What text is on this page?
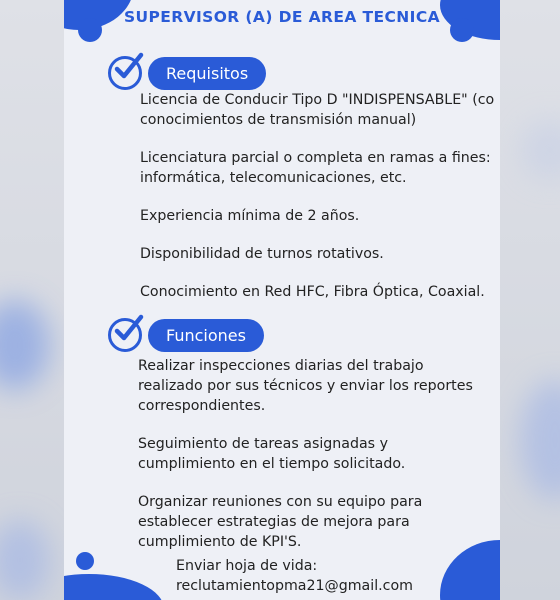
SUPERVISOR (A) DE AREA TECNICA
Requisitos

Licencia de Conducir Tipo D "INDISPENSABLE" (co

conocimientos de transmisión manual)

Licenciatura parcial o completa en ramas a fines:

informática, telecomunicaciones, etc.

Experiencia mínima de 2 años.

Disponibilidad de turnos rotativos.

Conocimiento en Red HFC, Fibra Óptica, Coaxial.

Funciones

Realizar inspecciones diarias del trabajo

realizado por sus técnicos y enviar los reportes

correspondientes.

Seguimiento de tareas asignadas y

cumplimiento en el tiempo solicitado.

Organizar reuniones con su equipo para

establecer estrategias de mejora para

cumplimiento de KPI'S.

Enviar hoja de vida:

reclutamientopma21@gmail.com
